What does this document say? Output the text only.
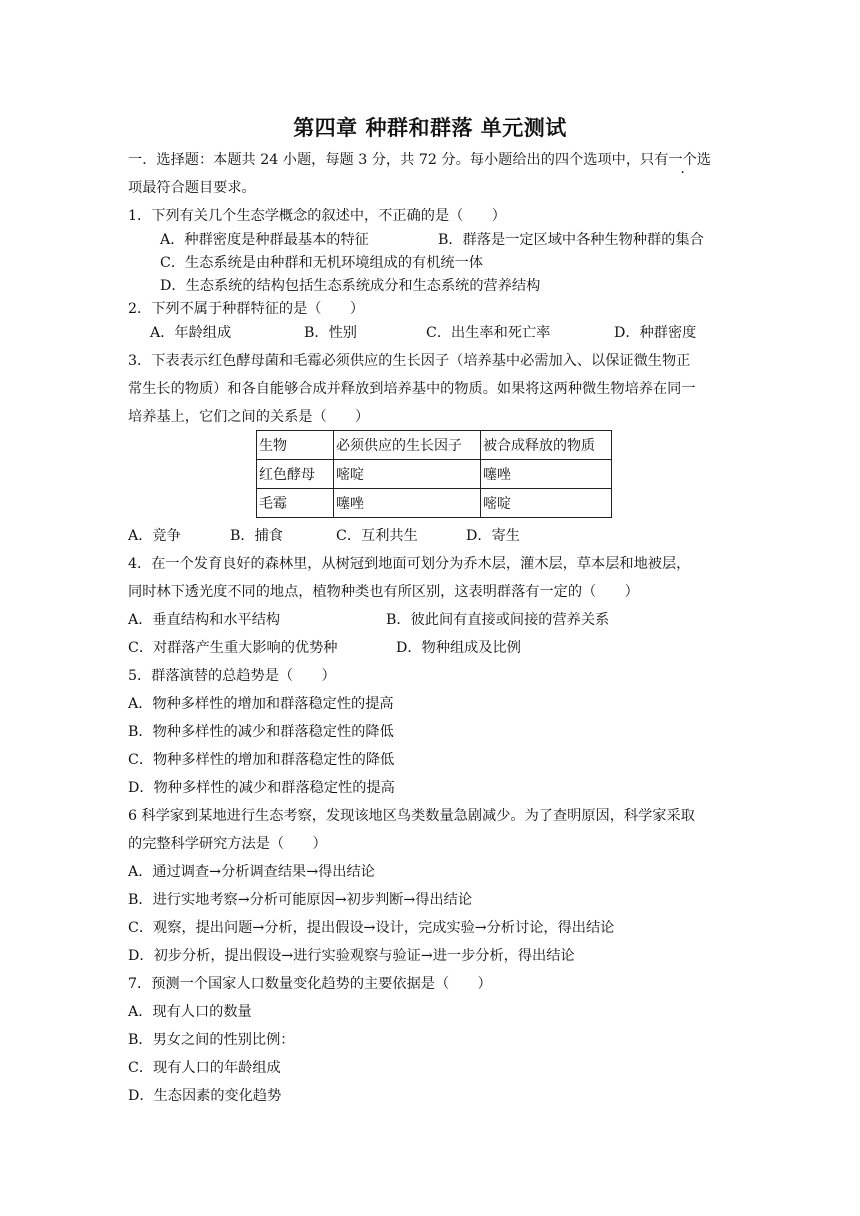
第四章 种群和群落 单元测试
一．选择题：本题共 24 小题，每题 3 分，共 72 分。每小题给出的四个选项中，只有一个选
项最符合题目要求。
1．下列有关几个生态学概念的叙述中，不正确的是（　　）
A．种群密度是种群最基本的特征	B．群落是一定区域中各种生物种群的集合
C．生态系统是由种群和无机环境组成的有机统一体
D．生态系统的结构包括生态系统成分和生态系统的营养结构
2．下列不属于种群特征的是（　　）
A．年龄组成	B．性别	C．出生率和死亡率	D．种群密度
3．下表表示红色酵母菌和毛霉必须供应的生长因子（培养基中必需加入、以保证微生物正
常生长的物质）和各自能够合成并释放到培养基中的物质。如果将这两种微生物培养在同一
培养基上，它们之间的关系是（　　）
生物	必须供应的生长因子	被合成释放的物质
红色酵母	嘧啶	噻唑
毛霉	噻唑	嘧啶
A．竞争	B．捕食	C．互利共生	D．寄生
4．在一个发育良好的森林里，从树冠到地面可划分为乔木层，灌木层，草本层和地被层，
同时林下透光度不同的地点，植物种类也有所区别，这表明群落有一定的（　　）
A．垂直结构和水平结构	B．彼此间有直接或间接的营养关系
C．对群落产生重大影响的优势种	D．物种组成及比例
5．群落演替的总趋势是（　　）
A．物种多样性的增加和群落稳定性的提高
B．物种多样性的减少和群落稳定性的降低
C．物种多样性的增加和群落稳定性的降低
D．物种多样性的减少和群落稳定性的提高
6 科学家到某地进行生态考察，发现该地区鸟类数量急剧减少。为了查明原因，科学家采取
的完整科学研究方法是（　　）
A．通过调查→分析调查结果→得出结论
B．进行实地考察→分析可能原因→初步判断→得出结论
C．观察，提出问题→分析，提出假设→设计，完成实验→分析讨论，得出结论
D．初步分析，提出假设→进行实验观察与验证→进一步分析，得出结论
7．预测一个国家人口数量变化趋势的主要依据是（　　）
A．现有人口的数量
B．男女之间的性别比例：
C．现有人口的年龄组成
D．生态因素的变化趋势
